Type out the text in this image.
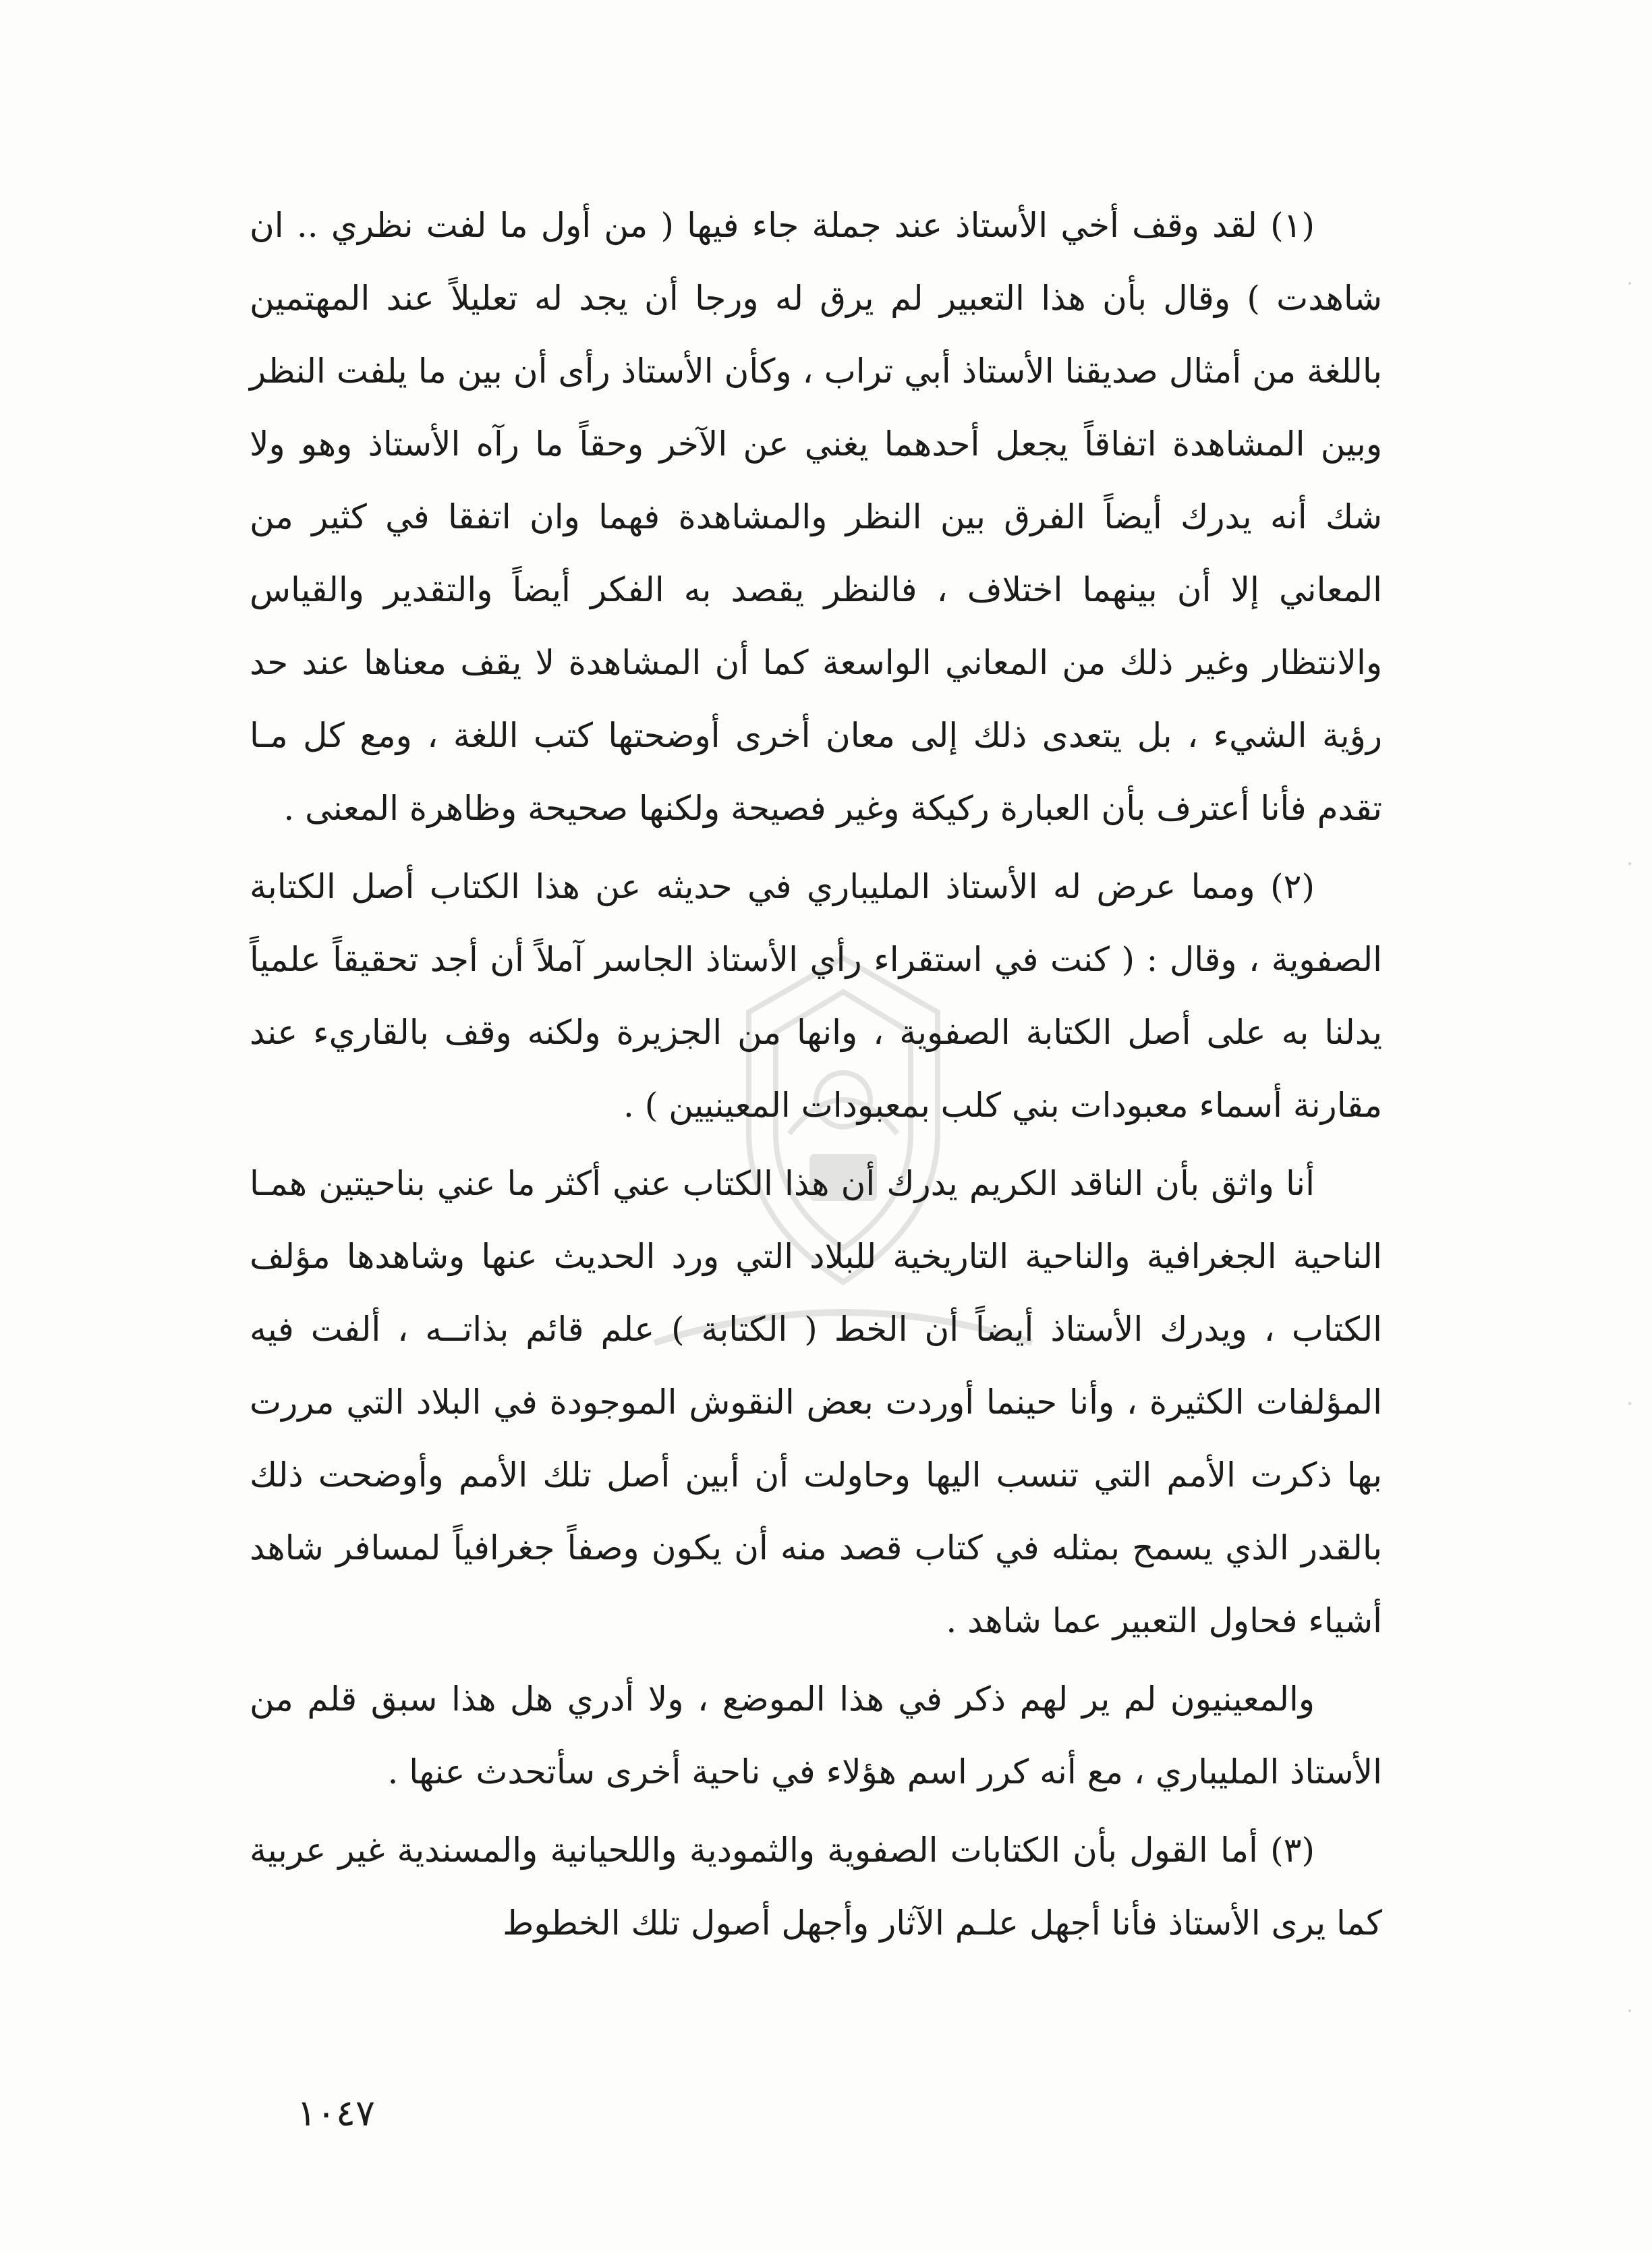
(١) لقد وقف أخي الأستاذ عند جملة جاء فيها ( من أول ما لفت نظري .. ان شاهدت ) وقال بأن هذا التعبير لم يرق له ورجا أن يجد له تعليلاً عند المهتمين باللغة من أمثال صديقنا الأستاذ أبي تراب ، وكأن الأستاذ رأى أن بين ما يلفت النظر وبين المشاهدة اتفاقاً يجعل أحدهما يغني عن الآخر وحقاً ما رآه الأستاذ وهو ولا شك أنه يدرك أيضاً الفرق بين النظر والمشاهدة فهما وان اتفقا في كثير من المعاني إلا أن بينهما اختلاف ، فالنظر يقصد به الفكر أيضاً والتقدير والقياس والانتظار وغير ذلك من المعاني الواسعة كما أن المشاهدة لا يقف معناها عند حد رؤية الشيء ، بل يتعدى ذلك إلى معان أخرى أوضحتها كتب اللغة ، ومع كل مـا تقدم فأنا أعترف بأن العبارة ركيكة وغير فصيحة ولكنها صحيحة وظاهرة المعنى .

(٢) ومما عرض له الأستاذ المليباري في حديثه عن هذا الكتاب أصل الكتابة الصفوية ، وقال : ( كنت في استقراء رأي الأستاذ الجاسر آملاً أن أجد تحقيقاً علمياً يدلنا به على أصل الكتابة الصفوية ، وانها من الجزيرة ولكنه وقف بالقاريء عند مقارنة أسماء معبودات بني كلب بمعبودات المعينيين ) .

أنا واثق بأن الناقد الكريم يدرك أن هذا الكتاب عني أكثر ما عني بناحيتين همـا الناحية الجغرافية والناحية التاريخية للبلاد التي ورد الحديث عنها وشاهدها مؤلف الكتاب ، ويدرك الأستاذ أيضاً أن الخط ( الكتابة ) علم قائم بذاتــه ، ألفت فيه المؤلفات الكثيرة ، وأنا حينما أوردت بعض النقوش الموجودة في البلاد التي مررت بها ذكرت الأمم التي تنسب اليها وحاولت أن أبين أصل تلك الأمم وأوضحت ذلك بالقدر الذي يسمح بمثله في كتاب قصد منه أن يكون وصفاً جغرافياً لمسافر شاهد أشياء فحاول التعبير عما شاهد .

والمعينيون لم ير لهم ذكر في هذا الموضع ، ولا أدري هل هذا سبق قلم من الأستاذ المليباري ، مع أنه كرر اسم هؤلاء في ناحية أخرى سأتحدث عنها .

(٣) أما القول بأن الكتابات الصفوية والثمودية واللحيانية والمسندية غير عربية كما يرى الأستاذ فأنا أجهل علـم الآثار وأجهل أصول تلك الخطوط

١٠٤٧
